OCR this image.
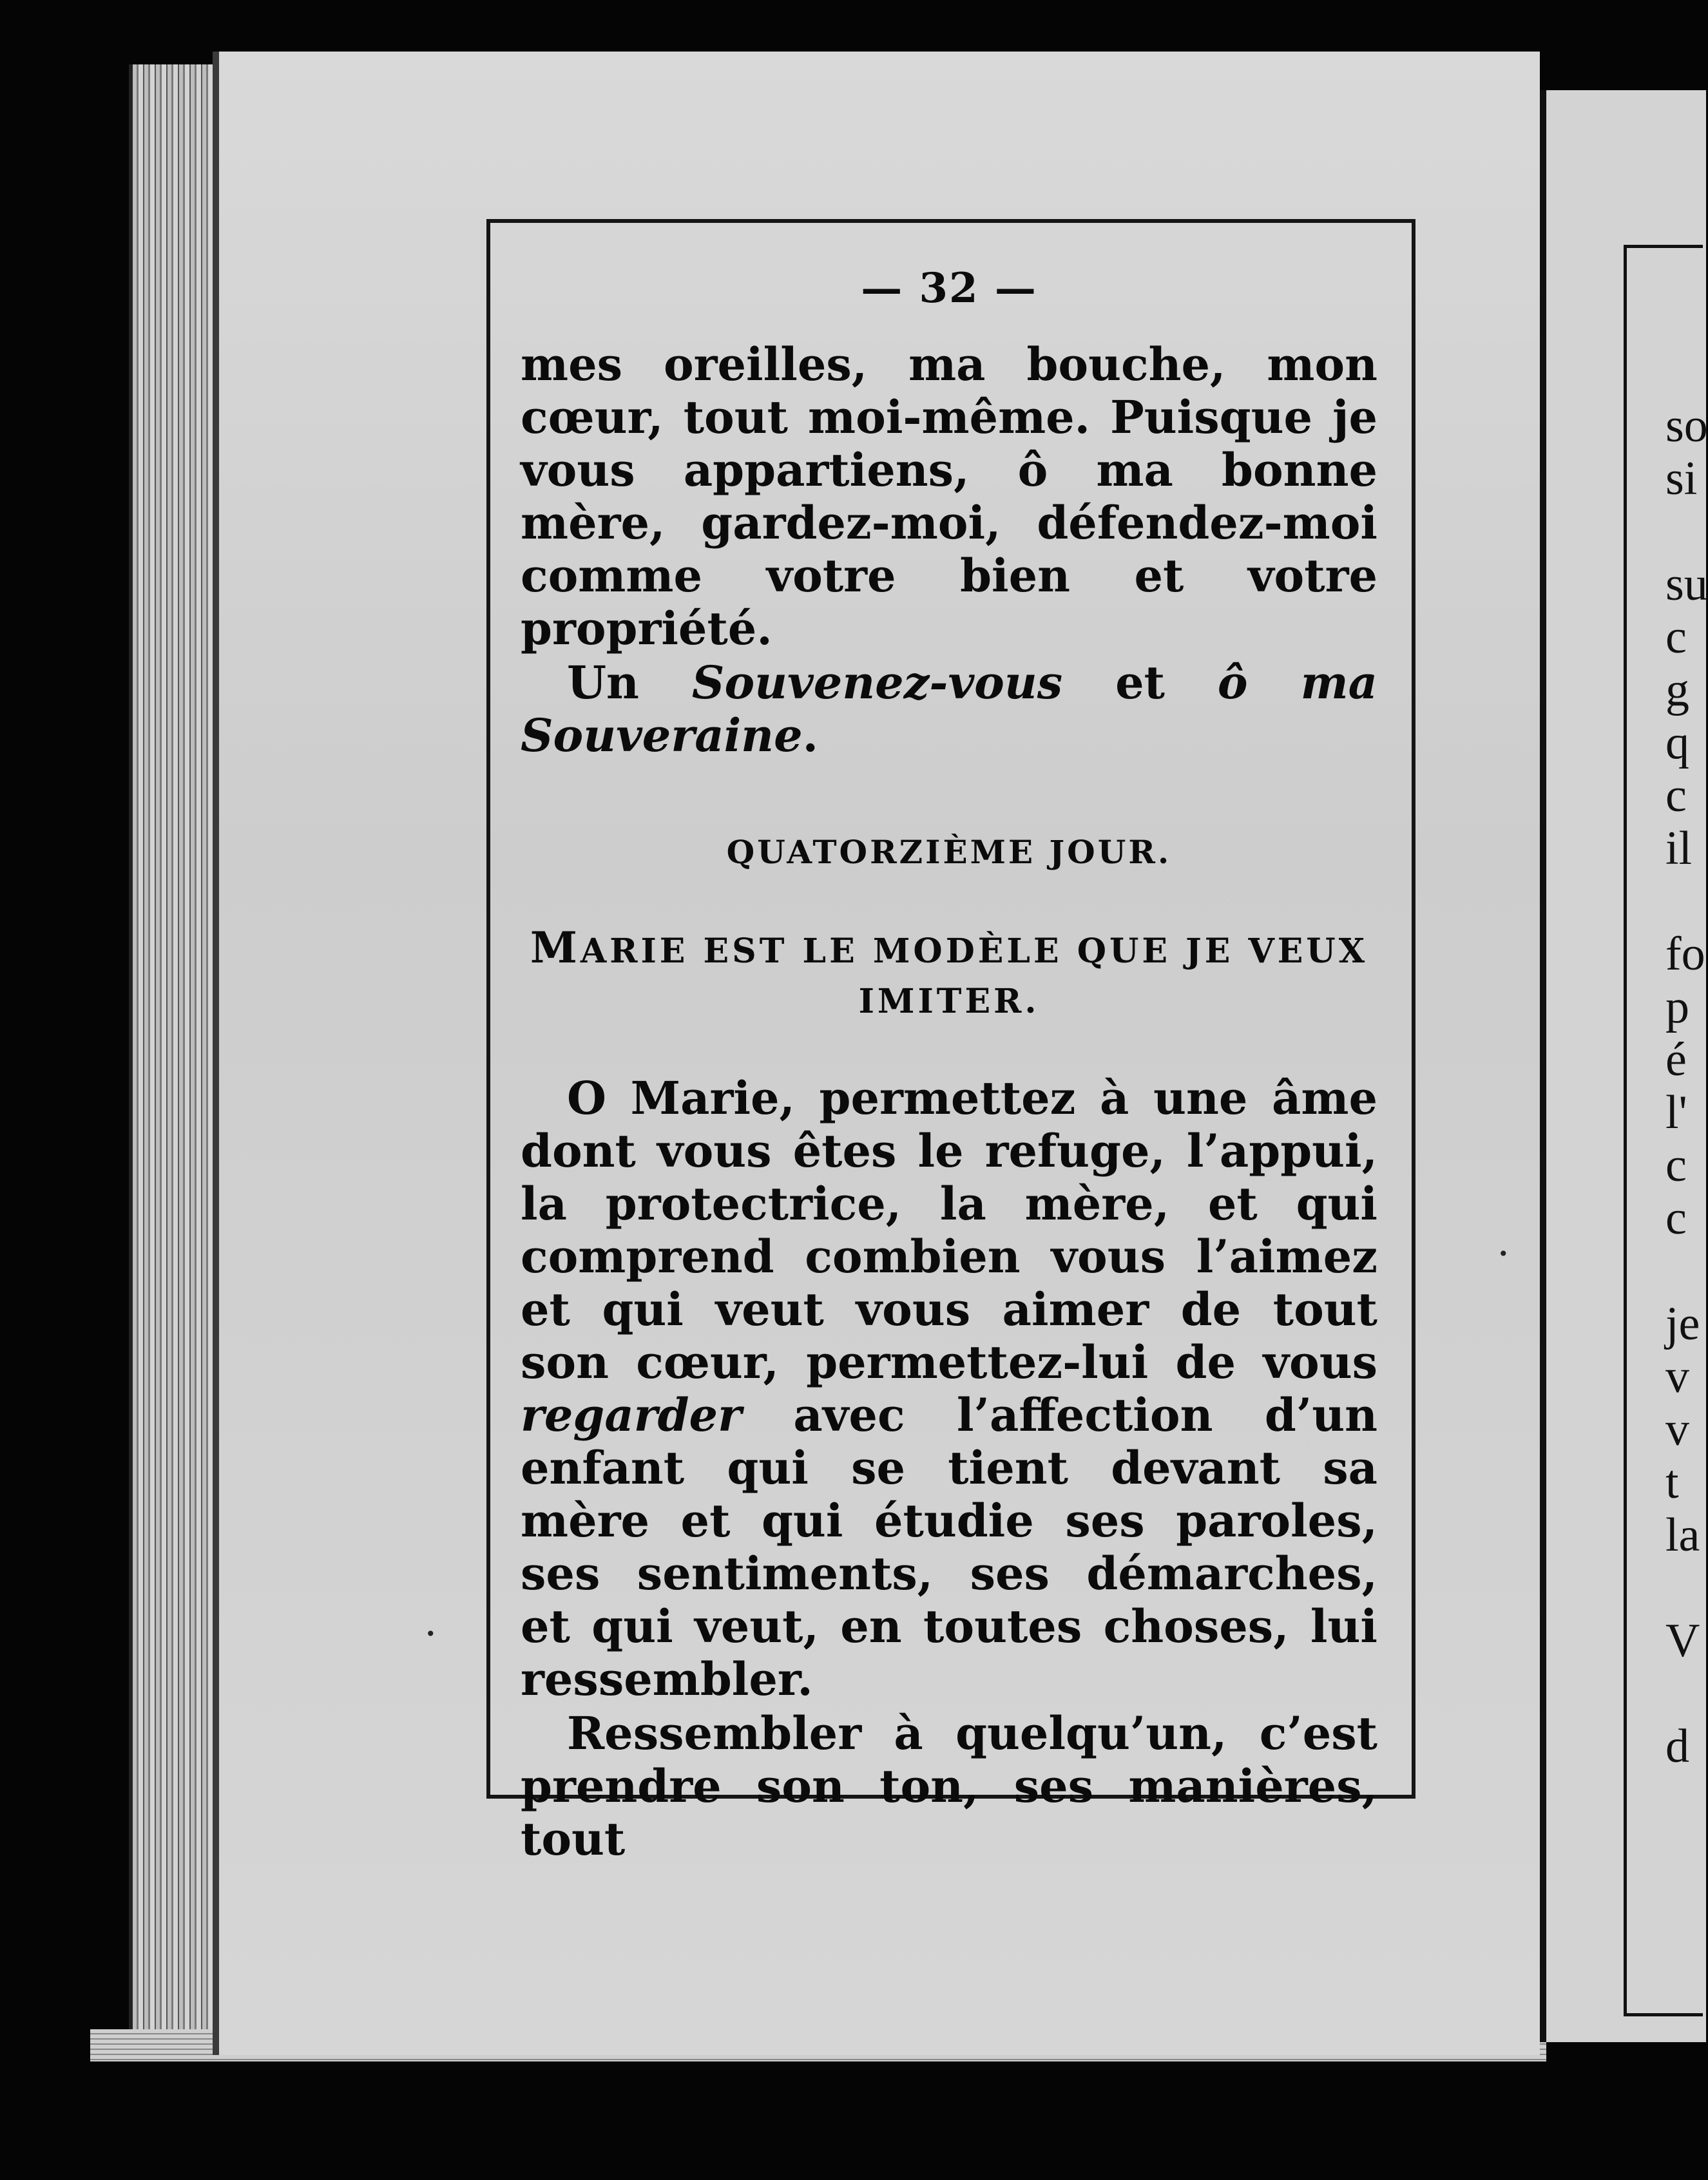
so
si

su
c
g
q
c
il

fo
p
é
l'
c
c

je
v
v
t
la

V

d
— 32 —

mes oreilles, ma bouche, mon cœur, tout moi-même. Puisque je vous appartiens, ô ma bonne mère, gardez-moi, défendez-moi comme votre bien et votre propriété.

Un Souvenez-vous et ô ma Souveraine.

QUATORZIÈME JOUR.
MARIE EST LE MODÈLE QUE JE VEUX IMITER.

O Marie, permettez à une âme dont vous êtes le refuge, l’appui, la protectrice, la mère, et qui comprend combien vous l’aimez et qui veut vous aimer de tout son cœur, permettez-lui de vous regarder avec l’affection d’un enfant qui se tient devant sa mère et qui étudie ses paroles, ses sentiments, ses démarches, et qui veut, en toutes choses, lui ressembler.

Ressembler à quelqu’un, c’est prendre son ton, ses manières, tout

•
•
